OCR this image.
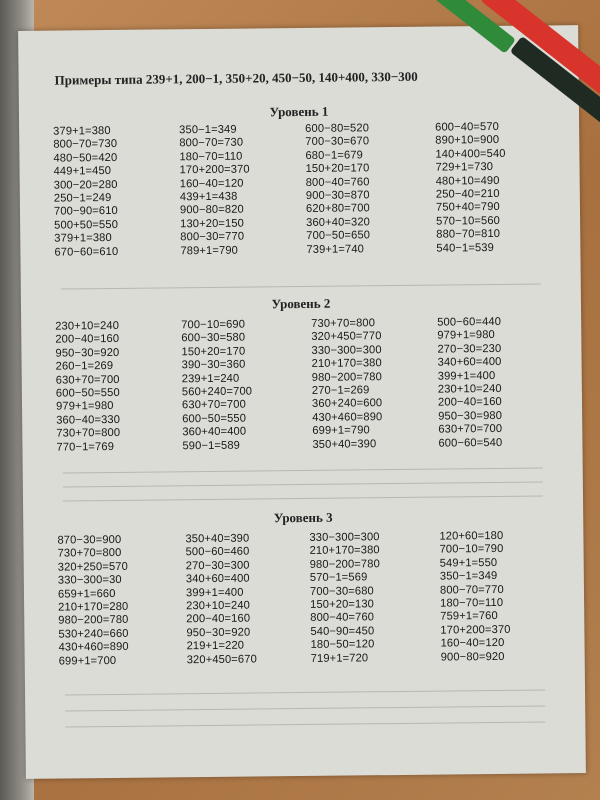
Примеры типа 239+1, 200−1, 350+20, 450−50, 140+400, 330−300
Уровень 1
379+1=380
800−70=730
480−50=420
449+1=450
300−20=280
250−1=249
700−90=610
500+50=550
379+1=380
670−60=610
350−1=349
800−70=730
180−70=110
170+200=370
160−40=120
439+1=438
900−80=820
130+20=150
800−30=770
789+1=790
600−80=520
700−30=670
680−1=679
150+20=170
800−40=760
900−30=870
620+80=700
360+40=320
700−50=650
739+1=740
600−40=570
890+10=900
140+400=540
729+1=730
480+10=490
250−40=210
750+40=790
570−10=560
880−70=810
540−1=539
Уровень 2
230+10=240
200−40=160
950−30=920
260−1=269
630+70=700
600−50=550
979+1=980
360−40=330
730+70=800
770−1=769
700−10=690
600−30=580
150+20=170
390−30=360
239+1=240
560+240=700
630+70=700
600−50=550
360+40=400
590−1=589
730+70=800
320+450=770
330−300=300
210+170=380
980−200=780
270−1=269
360+240=600
430+460=890
699+1=790
350+40=390
500−60=440
979+1=980
270−30=230
340+60=400
399+1=400
230+10=240
200−40=160
950−30=980
630+70=700
600−60=540
Уровень 3
870−30=900
730+70=800
320+250=570
330−300=30
659+1=660
210+170=280
980−200=780
530+240=660
430+460=890
699+1=700
350+40=390
500−60=460
270−30=300
340+60=400
399+1=400
230+10=240
200−40=160
950−30=920
219+1=220
320+450=670
330−300=300
210+170=380
980−200=780
570−1=569
700−30=680
150+20=130
800−40=760
540−90=450
180−50=120
719+1=720
120+60=180
700−10=790
549+1=550
350−1=349
800−70=770
180−70=110
759+1=760
170+200=370
160−40=120
900−80=920
